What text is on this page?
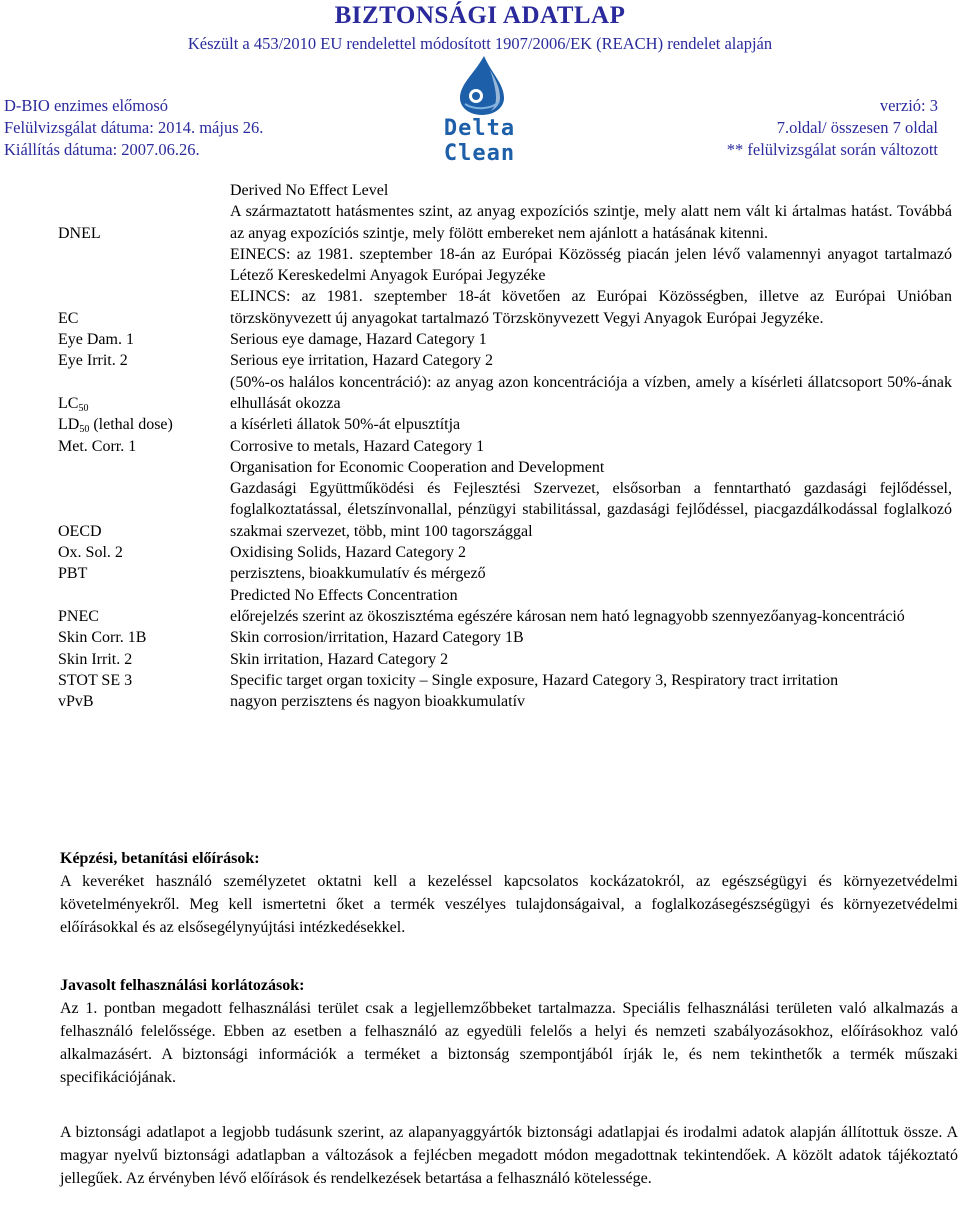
BIZTONSÁGI ADATLAP
Készült a 453/2010 EU rendelettel módosított 1907/2006/EK (REACH) rendelet alapján
D-BIO enzimes előmosó
Felülvizsgálat dátuma: 2014. május 26.
Kiállítás dátuma: 2007.06.26.
Delta Clean
verzió: 3
7.oldal/ összesen 7 oldal
** felülvizsgálat során változott
DNEL	Derived No Effect Level
A származtatott hatásmentes szint, az anyag expozíciós szintje, mely alatt nem vált ki ártalmas hatást. Továbbá az anyag expozíciós szintje, mely fölött embereket nem ajánlott a hatásának kitenni.

EC	EINECS: az 1981. szeptember 18-án az Európai Közösség piacán jelen lévő valamennyi anyagot tartalmazó Létező Kereskedelmi Anyagok Európai Jegyzéke
ELINCS: az 1981. szeptember 18-át követően az Európai Közösségben, illetve az Európai Unióban törzskönyvezett új anyagokat tartalmazó Törzskönyvezett Vegyi Anyagok Európai Jegyzéke.

Eye Dam. 1	Serious eye damage, Hazard Category 1
Eye Irrit. 2	Serious eye irritation, Hazard Category 2
$LC_{50}$	(50%-os halálos koncentráció): az anyag azon koncentrációja a vízben, amely a kísérleti állatcsoport 50%-ának elhullását okozza
$LD_{50}$ (lethal dose)	a kísérleti állatok 50%-át elpusztítja
Met. Corr. 1	Corrosive to metals, Hazard Category 1
OECD	Organisation for Economic Cooperation and Development
Gazdasági Együttműködési és Fejlesztési Szervezet, elsősorban a fenntartható gazdasági fejlődéssel, foglalkoztatással, életszínvonallal, pénzügyi stabilitással, gazdasági fejlődéssel, piacgazdálkodással foglalkozó szakmai szervezet, több, mint 100 tagországgal

Ox. Sol. 2	Oxidising Solids, Hazard Category 2
PBT	perzisztens, bioakkumulatív és mérgező
PNEC	Predicted No Effects Concentration
előrejelzés szerint az ökoszisztéma egészére károsan nem ható legnagyobb szennyezőanyag-koncentráció

Skin Corr. 1B	Skin corrosion/irritation, Hazard Category 1B
Skin Irrit. 2	Skin irritation, Hazard Category 2
STOT SE 3	Specific target organ toxicity – Single exposure, Hazard Category 3, Respiratory tract irritation
vPvB	nagyon perzisztens és nagyon bioakkumulatív
Képzési, betanítási előírások:

A keveréket használó személyzetet oktatni kell a kezeléssel kapcsolatos kockázatokról, az egészségügyi és környezetvédelmi követelményekről. Meg kell ismertetni őket a termék veszélyes tulajdonságaival, a foglalkozásegészségügyi és környezetvédelmi előírásokkal és az elsősegélynyújtási intézkedésekkel.

Javasolt felhasználási korlátozások:

Az 1. pontban megadott felhasználási terület csak a legjellemzőbbeket tartalmazza. Speciális felhasználási területen való alkalmazás a felhasználó felelőssége. Ebben az esetben a felhasználó az egyedüli felelős a helyi és nemzeti szabályozásokhoz, előírásokhoz való alkalmazásért. A biztonsági információk a terméket a biztonság szempontjából írják le, és nem tekinthetők a termék műszaki specifikációjának.

A biztonsági adatlapot a legjobb tudásunk szerint, az alapanyaggyártók biztonsági adatlapjai és irodalmi adatok alapján állítottuk össze. A magyar nyelvű biztonsági adatlapban a változások a fejlécben megadott módon megadottnak tekintendőek. A közölt adatok tájékoztató jellegűek. Az érvényben lévő előírások és rendelkezések betartása a felhasználó kötelessége.
